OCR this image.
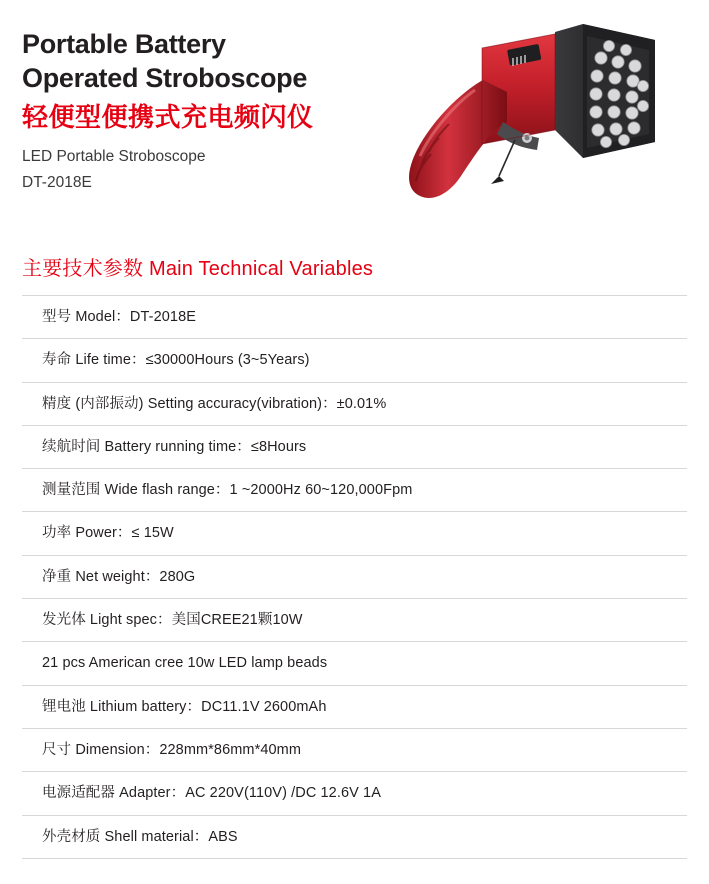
Portable Battery
Operated Stroboscope
轻便型便携式充电频闪仪
LED Portable Stroboscope
DT-2018E
主要技术参数 Main Technical Variables
型号 Model：DT-2018E
寿命 Life time：≤30000Hours (3~5Years)
精度 (内部振动) Setting accuracy(vibration)：±0.01%
续航时间 Battery running time：≤8Hours
测量范围 Wide flash range：1 ~2000Hz 60~120,000Fpm
功率 Power：≤ 15W
净重 Net weight：280G
发光体 Light spec：美国CREE21颗10W
21 pcs American cree 10w LED lamp beads
锂电池 Lithium battery：DC11.1V 2600mAh
尺寸 Dimension：228mm*86mm*40mm
电源适配器 Adapter：AC 220V(110V) /DC 12.6V 1A
外壳材质 Shell material：ABS
